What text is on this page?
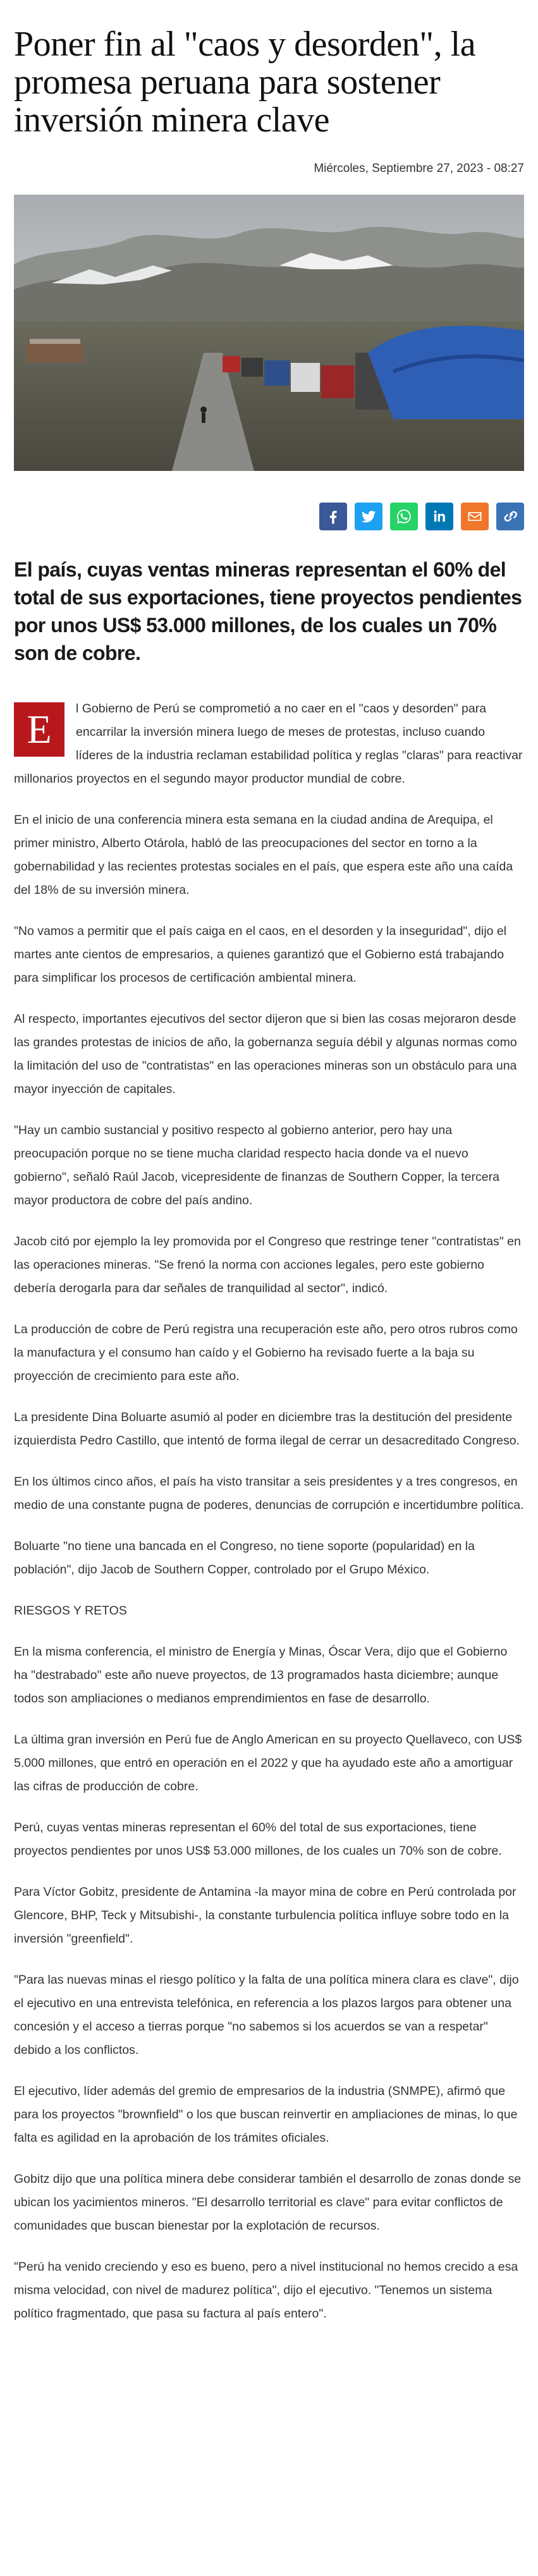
Poner fin al "caos y desorden", la promesa peruana para sostener inversión minera clave
Miércoles, Septiembre 27, 2023 - 08:27
El país, cuyas ventas mineras representan el 60% del total de sus exportaciones, tiene proyectos pendientes por unos US$ 53.000 millones, de los cuales un 70% son de cobre.

E	l Gobierno de Perú se comprometió a no caer en el "caos y desorden" para encarrilar la inversión minera luego de meses de protestas, incluso cuando líderes de la industria reclaman estabilidad política y reglas "claras" para reactivar millonarios proyectos en el segundo mayor productor mundial de cobre.

En el inicio de una conferencia minera esta semana en la ciudad andina de Arequipa, el primer ministro, Alberto Otárola, habló de las preocupaciones del sector en torno a la gobernabilidad y las recientes protestas sociales en el país, que espera este año una caída del 18% de su inversión minera.

"No vamos a permitir que el país caiga en el caos, en el desorden y la inseguridad", dijo el martes ante cientos de empresarios, a quienes garantizó que el Gobierno está trabajando para simplificar los procesos de certificación ambiental minera.

Al respecto, importantes ejecutivos del sector dijeron que si bien las cosas mejoraron desde las grandes protestas de inicios de año, la gobernanza seguía débil y algunas normas como la limitación del uso de "contratistas" en las operaciones mineras son un obstáculo para una mayor inyección de capitales.

"Hay un cambio sustancial y positivo respecto al gobierno anterior, pero hay una preocupación porque no se tiene mucha claridad respecto hacia donde va el nuevo gobierno", señaló Raúl Jacob, vicepresidente de finanzas de Southern Copper, la tercera mayor productora de cobre del país andino.

Jacob citó por ejemplo la ley promovida por el Congreso que restringe tener "contratistas" en las operaciones mineras. "Se frenó la norma con acciones legales, pero este gobierno debería derogarla para dar señales de tranquilidad al sector", indicó.

La producción de cobre de Perú registra una recuperación este año, pero otros rubros como la manufactura y el consumo han caído y el Gobierno ha revisado fuerte a la baja su proyección de crecimiento para este año.

La presidente Dina Boluarte asumió al poder en diciembre tras la destitución del presidente izquierdista Pedro Castillo, que intentó de forma ilegal de cerrar un desacreditado Congreso.

En los últimos cinco años, el país ha visto transitar a seis presidentes y a tres congresos, en medio de una constante pugna de poderes, denuncias de corrupción e incertidumbre política.

Boluarte "no tiene una bancada en el Congreso, no tiene soporte (popularidad) en la población", dijo Jacob de Southern Copper, controlado por el Grupo México.

RIESGOS Y RETOS

En la misma conferencia, el ministro de Energía y Minas, Óscar Vera, dijo que el Gobierno ha "destrabado" este año nueve proyectos, de 13 programados hasta diciembre; aunque todos son ampliaciones o medianos emprendimientos en fase de desarrollo.

La última gran inversión en Perú fue de Anglo American en su proyecto Quellaveco, con US$ 5.000 millones, que entró en operación en el 2022 y que ha ayudado este año a amortiguar las cifras de producción de cobre.

Perú, cuyas ventas mineras representan el 60% del total de sus exportaciones, tiene proyectos pendientes por unos US$ 53.000 millones, de los cuales un 70% son de cobre.

Para Víctor Gobitz, presidente de Antamina -la mayor mina de cobre en Perú controlada por Glencore, BHP, Teck y Mitsubishi-, la constante turbulencia política influye sobre todo en la inversión "greenfield".

"Para las nuevas minas el riesgo político y la falta de una política minera clara es clave", dijo el ejecutivo en una entrevista telefónica, en referencia a los plazos largos para obtener una concesión y el acceso a tierras porque "no sabemos si los acuerdos se van a respetar" debido a los conflictos.

El ejecutivo, líder además del gremio de empresarios de la industria (SNMPE), afirmó que para los proyectos "brownfield" o los que buscan reinvertir en ampliaciones de minas, lo que falta es agilidad en la aprobación de los trámites oficiales.

Gobitz dijo que una política minera debe considerar también el desarrollo de zonas donde se ubican los yacimientos mineros. "El desarrollo territorial es clave" para evitar conflictos de comunidades que buscan bienestar por la explotación de recursos.

"Perú ha venido creciendo y eso es bueno, pero a nivel institucional no hemos crecido a esa misma velocidad, con nivel de madurez política", dijo el ejecutivo. "Tenemos un sistema político fragmentado, que pasa su factura al país entero".
